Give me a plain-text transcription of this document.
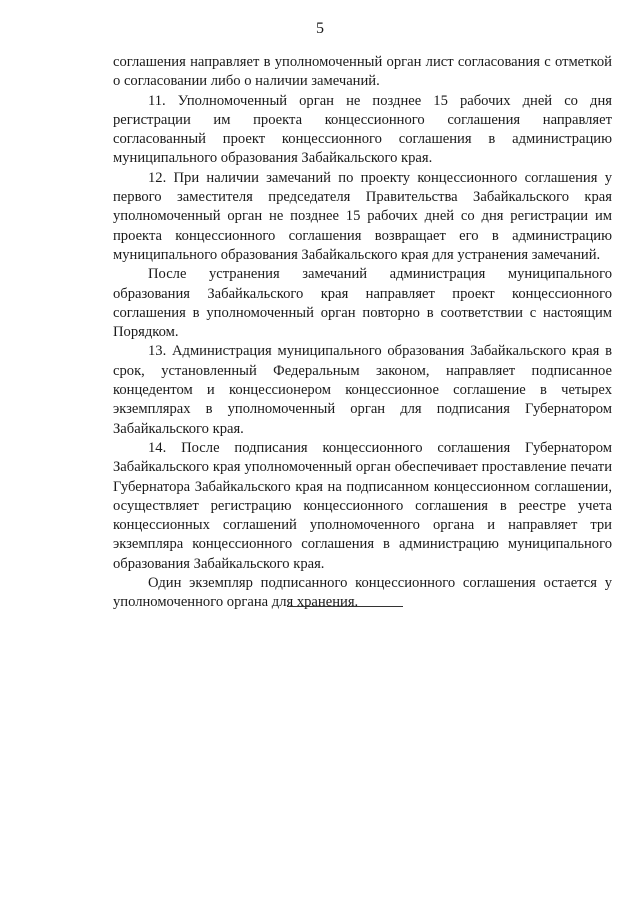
5

соглашения направляет в уполномоченный орган лист согласования с отметкой о согласовании либо о наличии замечаний.

11. Уполномоченный орган не позднее 15 рабочих дней со дня регистрации им проекта концессионного соглашения направляет согласованный проект концессионного соглашения в администрацию муниципального образования Забайкальского края.

12. При наличии замечаний по проекту концессионного соглашения у первого заместителя председателя Правительства Забайкальского края уполномоченный орган не позднее 15 рабочих дней со дня регистрации им проекта концессионного соглашения возвращает его в администрацию муниципального образования Забайкальского края для устранения замечаний.

После устранения замечаний администрация муниципального образования Забайкальского края направляет проект концессионного соглашения в уполномоченный орган повторно в соответствии с настоящим Порядком.

13. Администрация муниципального образования Забайкальского края в срок, установленный Федеральным законом, направляет подписанное концедентом и концессионером концессионное соглашение в четырех экземплярах в уполномоченный орган для подписания Губернатором Забайкальского края.

14. После подписания концессионного соглашения Губернатором Забайкальского края уполномоченный орган обеспечивает проставление печати Губернатора Забайкальского края на подписанном концессионном соглашении, осуществляет регистрацию концессионного соглашения в реестре учета концессионных соглашений уполномоченного органа и направляет три экземпляра концессионного соглашения в администрацию муниципального образования Забайкальского края.

Один экземпляр подписанного концессионного соглашения остается у уполномоченного органа для хранения.
